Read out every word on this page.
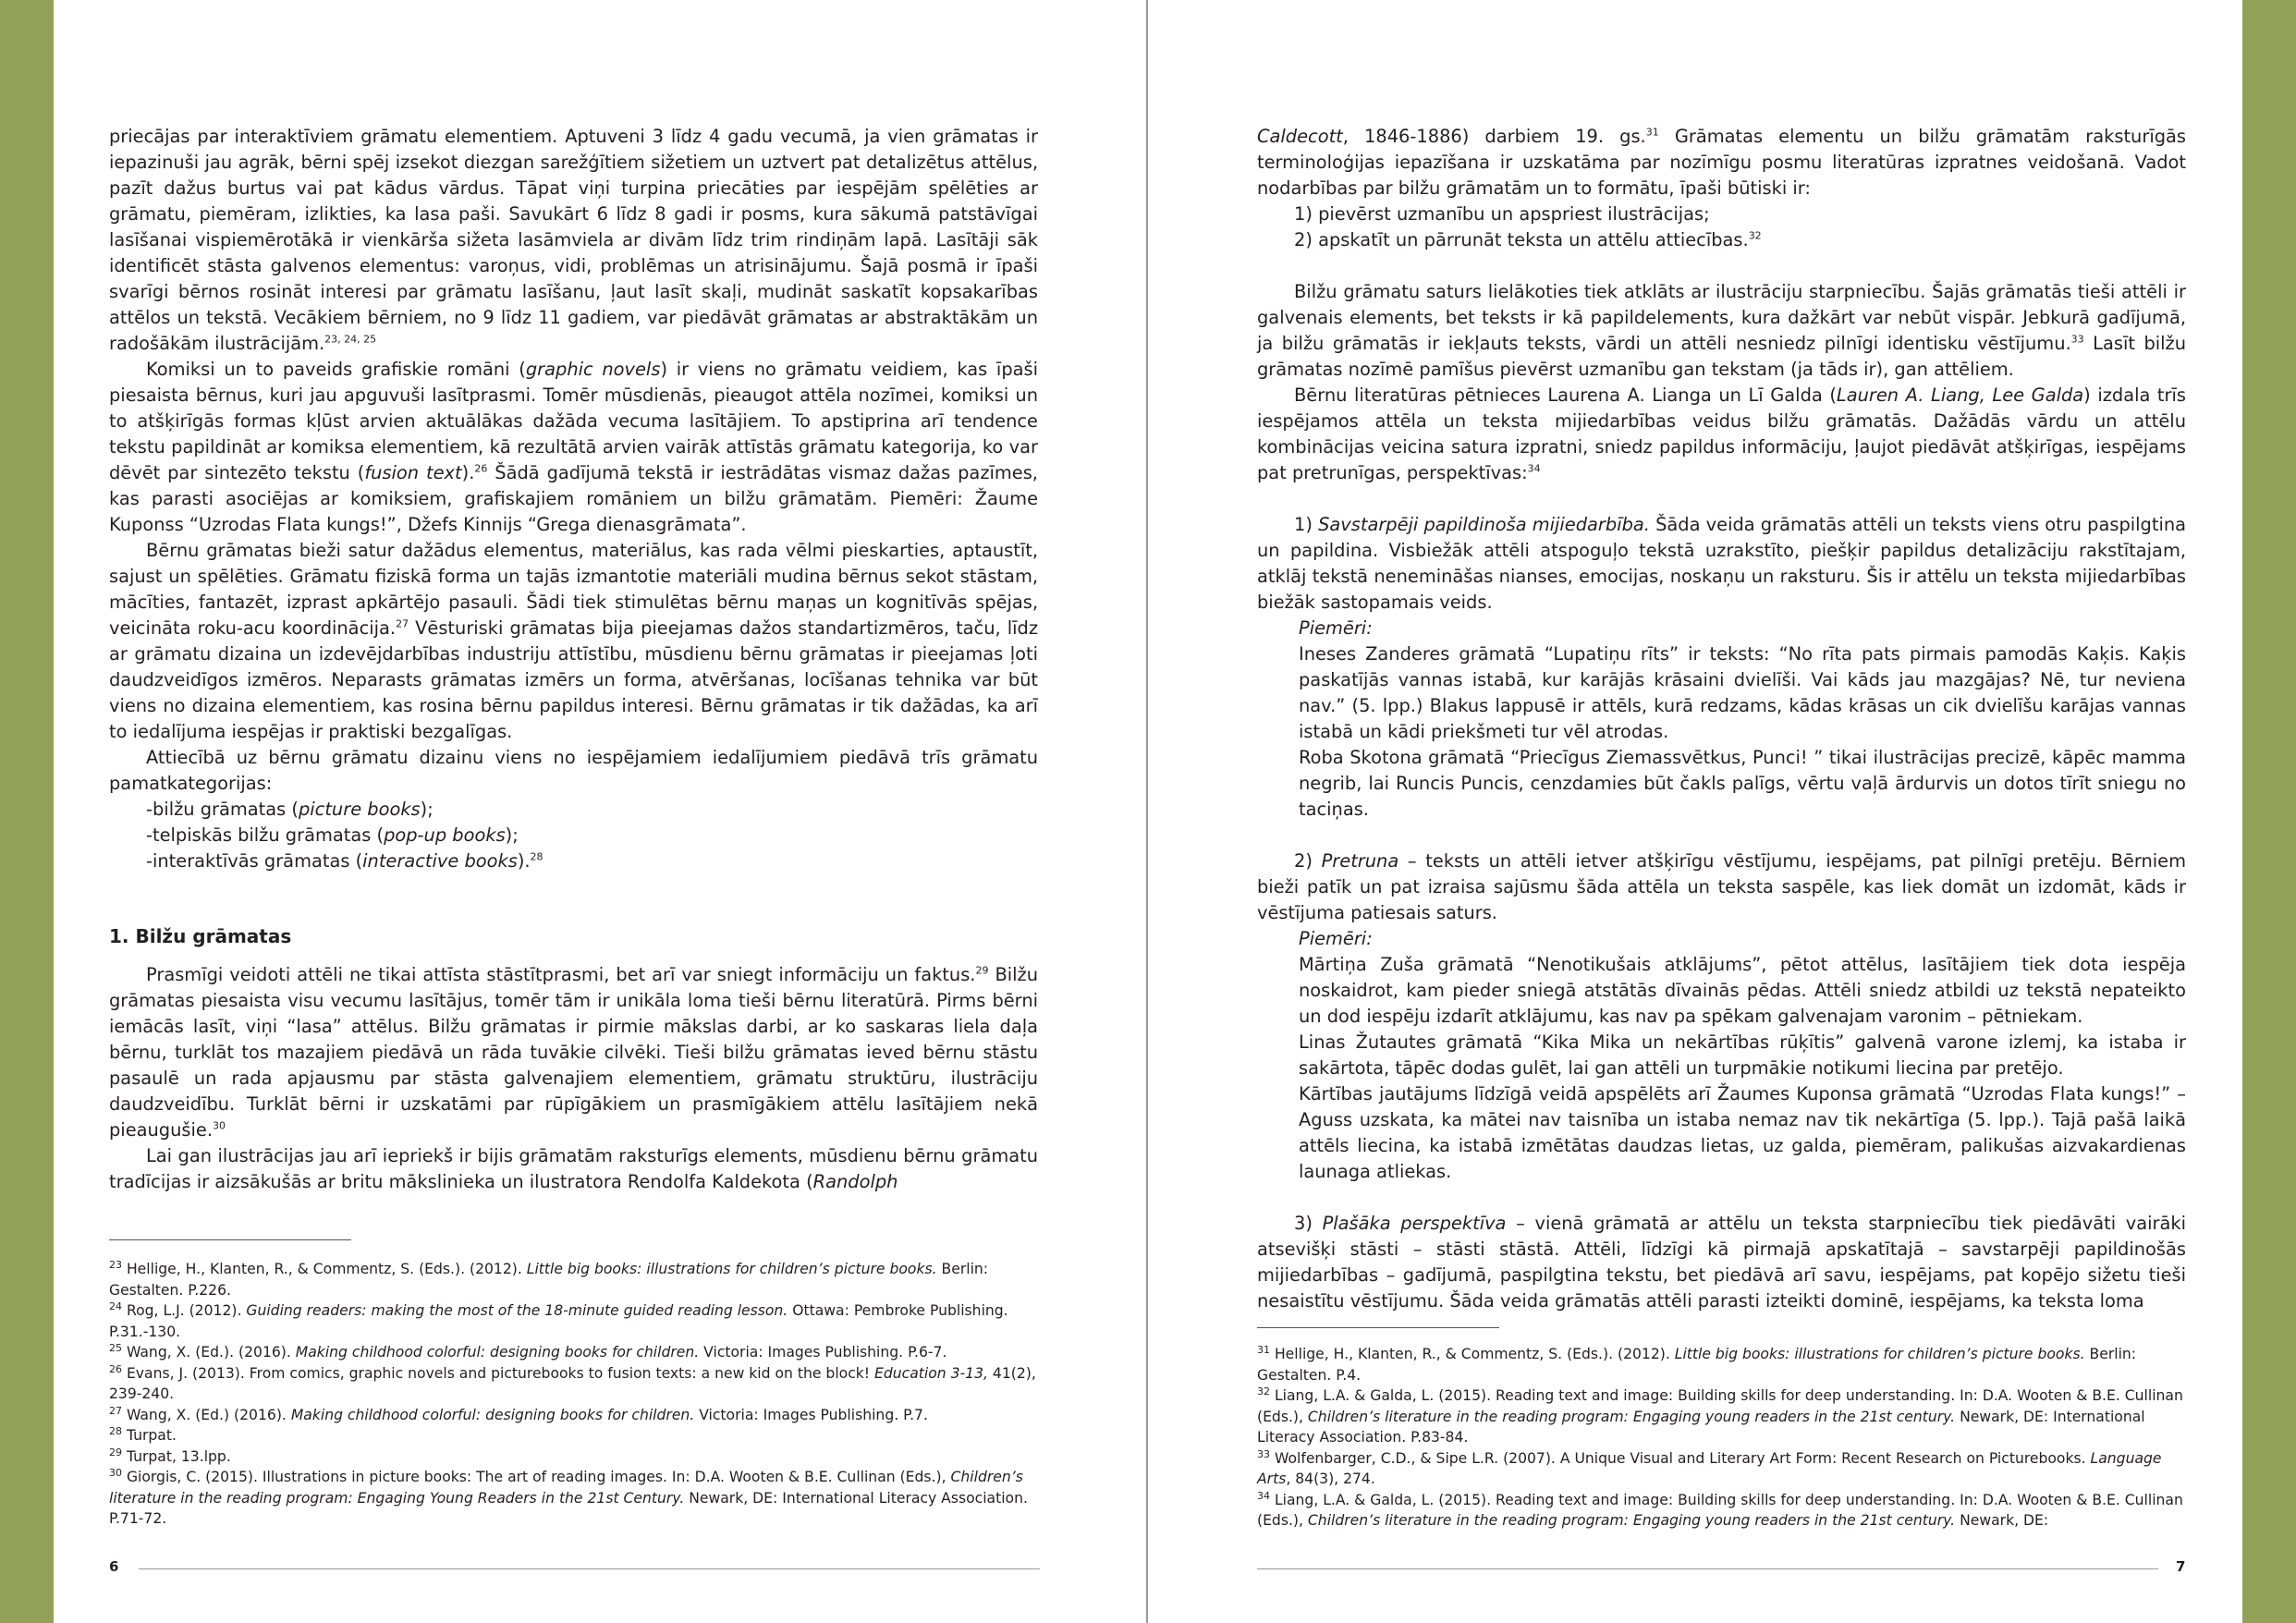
priecājas par interaktīviem grāmatu elementiem. Aptuveni 3 līdz 4 gadu vecumā, ja vien grāmatas ir iepazinuši jau agrāk, bērni spēj izsekot diezgan sarežģītiem sižetiem un uztvert pat detalizētus attēlus, pazīt dažus burtus vai pat kādus vārdus. Tāpat viņi turpina priecāties par iespējām spēlēties ar grāmatu, piemēram, izlikties, ka lasa paši. Savukārt 6 līdz 8 gadi ir posms, kura sākumā patstāvīgai lasīšanai vispiemērotākā ir vienkārša sižeta lasāmviela ar divām līdz trim rindiņām lapā. Lasītāji sāk identificēt stāsta galvenos elementus: varoņus, vidi, problēmas un atrisinājumu. Šajā posmā ir īpaši svarīgi bērnos rosināt interesi par grāmatu lasīšanu, ļaut lasīt skaļi, mudināt saskatīt kopsakarības attēlos un tekstā. Vecākiem bērniem, no 9 līdz 11 gadiem, var piedāvāt grāmatas ar abstraktākām un radošākām ilustrācijām.$^{23, 24, 25}$

Komiksi un to paveids grafiskie romāni (graphic novels) ir viens no grāmatu veidiem, kas īpaši piesaista bērnus, kuri jau apguvuši lasītprasmi. Tomēr mūsdienās, pieaugot attēla nozīmei, komiksi un to atšķirīgās formas kļūst arvien aktuālākas dažāda vecuma lasītājiem. To apstiprina arī tendence tekstu papildināt ar komiksa elementiem, kā rezultātā arvien vairāk attīstās grāmatu kategorija, ko var dēvēt par sintezēto tekstu (fusion text).$^{26}$ Šādā gadījumā tekstā ir iestrādātas vismaz dažas pazīmes, kas parasti asociējas ar komiksiem, grafiskajiem romāniem un bilžu grāmatām. Piemēri: Žaume Kuponss “Uzrodas Flata kungs!”, Džefs Kinnijs “Grega dienasgrāmata”.

Bērnu grāmatas bieži satur dažādus elementus, materiālus, kas rada vēlmi pieskarties, aptaustīt, sajust un spēlēties. Grāmatu fiziskā forma un tajās izmantotie materiāli mudina bērnus sekot stāstam, mācīties, fantazēt, izprast apkārtējo pasauli. Šādi tiek stimulētas bērnu maņas un kognitīvās spējas, veicināta roku-acu koordinācija.$^{27}$ Vēsturiski grāmatas bija pieejamas dažos standartizmēros, taču, līdz ar grāmatu dizaina un izdevējdarbības industriju attīstību, mūsdienu bērnu grāmatas ir pieejamas ļoti daudzveidīgos izmēros. Neparasts grāmatas izmērs un forma, atvēršanas, locīšanas tehnika var būt viens no dizaina elementiem, kas rosina bērnu papildus interesi. Bērnu grāmatas ir tik dažādas, ka arī to iedalījuma iespējas ir praktiski bezgalīgas.

Attiecībā uz bērnu grāmatu dizainu viens no iespējamiem iedalījumiem piedāvā trīs grāmatu pamatkategorijas:

-bilžu grāmatas (picture books);

-telpiskās bilžu grāmatas (pop-up books);

-interaktīvās grāmatas (interactive books).$^{28}$

1. Bilžu grāmatas

Prasmīgi veidoti attēli ne tikai attīsta stāstītprasmi, bet arī var sniegt informāciju un faktus.$^{29}$ Bilžu grāmatas piesaista visu vecumu lasītājus, tomēr tām ir unikāla loma tieši bērnu literatūrā. Pirms bērni iemācās lasīt, viņi “lasa” attēlus. Bilžu grāmatas ir pirmie mākslas darbi, ar ko saskaras liela daļa bērnu, turklāt tos mazajiem piedāvā un rāda tuvākie cilvēki. Tieši bilžu grāmatas ieved bērnu stāstu pasaulē un rada apjausmu par stāsta galvenajiem elementiem, grāmatu struktūru, ilustrāciju daudzveidību. Turklāt bērni ir uzskatāmi par rūpīgākiem un prasmīgākiem attēlu lasītājiem nekā pieaugušie.$^{30}$

Lai gan ilustrācijas jau arī iepriekš ir bijis grāmatām raksturīgs elements, mūsdienu bērnu grāmatu tradīcijas ir aizsākušās ar britu mākslinieka un ilustratora Rendolfa Kaldekota (Randolph

$^{23}$ Hellige, H., Klanten, R., & Commentz, S. (Eds.). (2012). Little big books: illustrations for children’s picture books. Berlin: Gestalten. P.226.

$^{24}$ Rog, L.J. (2012). Guiding readers: making the most of the 18-minute guided reading lesson. Ottawa: Pembroke Publishing. P.31.-130.

$^{25}$ Wang, X. (Ed.). (2016). Making childhood colorful: designing books for children. Victoria: Images Publishing. P.6-7.

$^{26}$ Evans, J. (2013). From comics, graphic novels and picturebooks to fusion texts: a new kid on the block! Education 3-13, 41(2), 239-240.

$^{27}$ Wang, X. (Ed.) (2016). Making childhood colorful: designing books for children. Victoria: Images Publishing. P.7.

$^{28}$ Turpat.

$^{29}$ Turpat, 13.lpp.

$^{30}$ Giorgis, C. (2015). Illustrations in picture books: The art of reading images. In: D.A. Wooten & B.E. Cullinan (Eds.), Children’s literature in the reading program: Engaging Young Readers in the 21st Century. Newark, DE: International Literacy Association. P.71-72.

6

Caldecott, 1846-1886) darbiem 19. gs.$^{31}$ Grāmatas elementu un bilžu grāmatām raksturīgās terminoloģijas iepazīšana ir uzskatāma par nozīmīgu posmu literatūras izpratnes veidošanā. Vadot nodarbības par bilžu grāmatām un to formātu, īpaši būtiski ir:

1) pievērst uzmanību un apspriest ilustrācijas;

2) apskatīt un pārrunāt teksta un attēlu attiecības.$^{32}$

Bilžu grāmatu saturs lielākoties tiek atklāts ar ilustrāciju starpniecību. Šajās grāmatās tieši attēli ir galvenais elements, bet teksts ir kā papildelements, kura dažkārt var nebūt vispār. Jebkurā gadījumā, ja bilžu grāmatās ir iekļauts teksts, vārdi un attēli nesniedz pilnīgi identisku vēstījumu.$^{33}$ Lasīt bilžu grāmatas nozīmē pamīšus pievērst uzmanību gan tekstam (ja tāds ir), gan attēliem.

Bērnu literatūras pētnieces Laurena A. Lianga un Lī Galda (Lauren A. Liang, Lee Galda) izdala trīs iespējamos attēla un teksta mijiedarbības veidus bilžu grāmatās. Dažādās vārdu un attēlu kombinācijas veicina satura izpratni, sniedz papildus informāciju, ļaujot piedāvāt atšķirīgas, iespējams pat pretrunīgas, perspektīvas:$^{34}$

1) Savstarpēji papildinoša mijiedarbība. Šāda veida grāmatās attēli un teksts viens otru paspilgtina un papildina. Visbiežāk attēli atspoguļo tekstā uzrakstīto, piešķir papildus detalizāciju rakstītajam, atklāj tekstā nenemināšas nianses, emocijas, noskaņu un raksturu. Šis ir attēlu un teksta mijiedarbības biežāk sastopamais veids.

Piemēri:

Ineses Zanderes grāmatā “Lupatiņu rīts” ir teksts: “No rīta pats pirmais pamodās Kaķis. Kaķis paskatījās vannas istabā, kur karājās krāsaini dvielīši. Vai kāds jau mazgājas? Nē, tur neviena nav.” (5. lpp.) Blakus lappusē ir attēls, kurā redzams, kādas krāsas un cik dvielīšu karājas vannas istabā un kādi priekšmeti tur vēl atrodas.

Roba Skotona grāmatā “Priecīgus Ziemassvētkus, Punci! ” tikai ilustrācijas precizē, kāpēc mamma negrib, lai Runcis Puncis, cenzdamies būt čakls palīgs, vērtu vaļā ārdurvis un dotos tīrīt sniegu no taciņas.

2) Pretruna – teksts un attēli ietver atšķirīgu vēstījumu, iespējams, pat pilnīgi pretēju. Bērniem bieži patīk un pat izraisa sajūsmu šāda attēla un teksta saspēle, kas liek domāt un izdomāt, kāds ir vēstījuma patiesais saturs.

Piemēri:

Mārtiņa Zuša grāmatā “Nenotikušais atklājums”, pētot attēlus, lasītājiem tiek dota iespēja noskaidrot, kam pieder sniegā atstātās dīvainās pēdas. Attēli sniedz atbildi uz tekstā nepateikto un dod iespēju izdarīt atklājumu, kas nav pa spēkam galvenajam varonim – pētniekam.

Linas Žutautes grāmatā “Kika Mika un nekārtības rūķītis” galvenā varone izlemj, ka istaba ir sakārtota, tāpēc dodas gulēt, lai gan attēli un turpmākie notikumi liecina par pretējo.

Kārtības jautājums līdzīgā veidā apspēlēts arī Žaumes Kuponsa grāmatā “Uzrodas Flata kungs!” – Aguss uzskata, ka mātei nav taisnība un istaba nemaz nav tik nekārtīga (5. lpp.). Tajā pašā laikā attēls liecina, ka istabā izmētātas daudzas lietas, uz galda, piemēram, palikušas aizvakardienas launaga atliekas.

3) Plašāka perspektīva – vienā grāmatā ar attēlu un teksta starpniecību tiek piedāvāti vairāki atsevišķi stāsti – stāsti stāstā. Attēli, līdzīgi kā pirmajā apskatītajā – savstarpēji papildinošās mijiedarbības – gadījumā, paspilgtina tekstu, bet piedāvā arī savu, iespējams, pat kopējo sižetu tieši nesaistītu vēstījumu. Šāda veida grāmatās attēli parasti izteikti dominē, iespējams, ka teksta loma

$^{31}$ Hellige, H., Klanten, R., & Commentz, S. (Eds.). (2012). Little big books: illustrations for children’s picture books. Berlin: Gestalten. P.4.

$^{32}$ Liang, L.A. & Galda, L. (2015). Reading text and image: Building skills for deep understanding. In: D.A. Wooten & B.E. Cullinan (Eds.), Children’s literature in the reading program: Engaging young readers in the 21st century. Newark, DE: International Literacy Association. P.83-84.

$^{33}$ Wolfenbarger, C.D., & Sipe L.R. (2007). A Unique Visual and Literary Art Form: Recent Research on Picturebooks. Language Arts, 84(3), 274.

$^{34}$ Liang, L.A. & Galda, L. (2015). Reading text and image: Building skills for deep understanding. In: D.A. Wooten & B.E. Cullinan (Eds.), Children’s literature in the reading program: Engaging young readers in the 21st century. Newark, DE:

7
